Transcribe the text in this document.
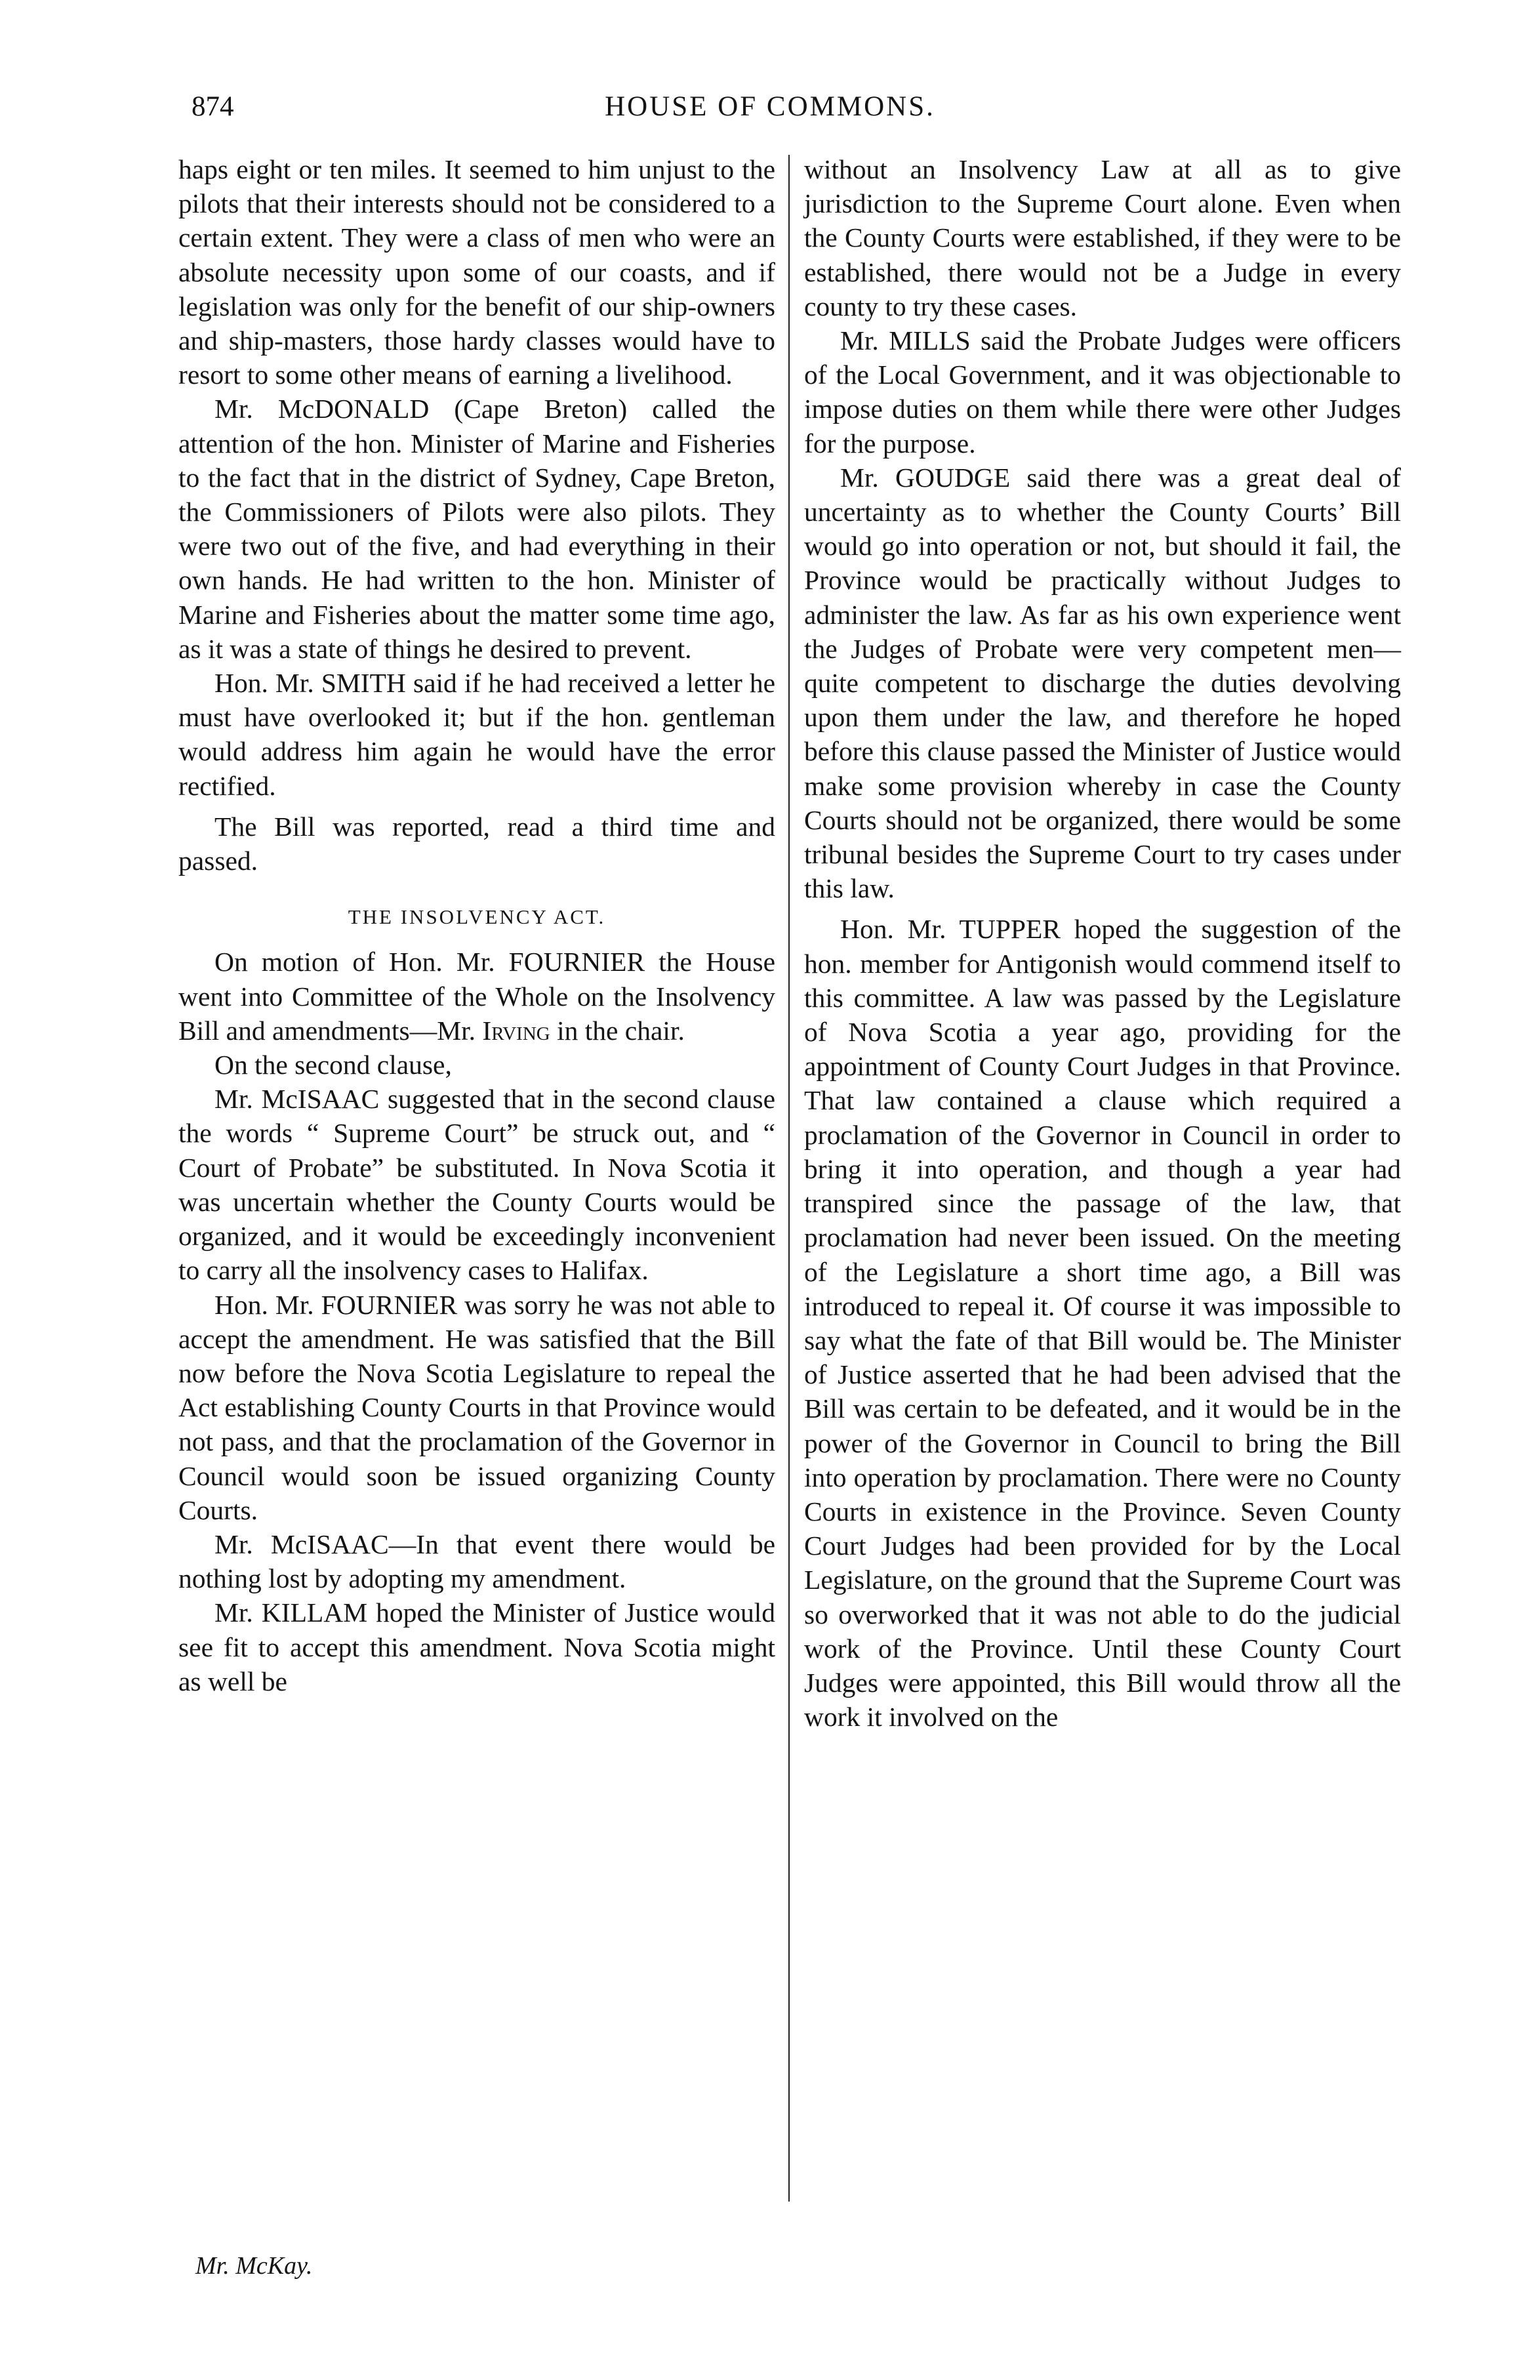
874	HOUSE OF COMMONS.

haps eight or ten miles. It seemed to him unjust to the pilots that their interests should not be considered to a certain extent. They were a class of men who were an absolute necessity upon some of our coasts, and if legislation was only for the benefit of our ship-owners and ship-masters, those hardy classes would have to resort to some other means of earning a livelihood.

Mr. McDONALD (Cape Breton) called the attention of the hon. Minister of Marine and Fisheries to the fact that in the district of Sydney, Cape Breton, the Commissioners of Pilots were also pilots. They were two out of the five, and had everything in their own hands. He had written to the hon. Minister of Marine and Fisheries about the matter some time ago, as it was a state of things he desired to prevent.

Hon. Mr. SMITH said if he had received a letter he must have overlooked it; but if the hon. gentleman would address him again he would have the error rectified.

The Bill was reported, read a third time and passed.

THE INSOLVENCY ACT.

On motion of Hon. Mr. FOURNIER the House went into Committee of the Whole on the Insolvency Bill and amendments—Mr. Irving in the chair.

On the second clause,

Mr. McISAAC suggested that in the second clause the words “ Supreme Court” be struck out, and “ Court of Probate” be substituted. In Nova Scotia it was uncertain whether the County Courts would be organized, and it would be exceedingly inconvenient to carry all the insolvency cases to Halifax.

Hon. Mr. FOURNIER was sorry he was not able to accept the amendment. He was satisfied that the Bill now before the Nova Scotia Legislature to repeal the Act establishing County Courts in that Province would not pass, and that the proclamation of the Governor in Council would soon be issued organizing County Courts.

Mr. McISAAC—In that event there would be nothing lost by adopting my amendment.

Mr. KILLAM hoped the Minister of Justice would see fit to accept this amendment. Nova Scotia might as well be

without an Insolvency Law at all as to give jurisdiction to the Supreme Court alone. Even when the County Courts were established, if they were to be established, there would not be a Judge in every county to try these cases.

Mr. MILLS said the Probate Judges were officers of the Local Government, and it was objectionable to impose duties on them while there were other Judges for the purpose.

Mr. GOUDGE said there was a great deal of uncertainty as to whether the County Courts’ Bill would go into operation or not, but should it fail, the Province would be practically without Judges to administer the law. As far as his own experience went the Judges of Probate were very competent men—quite competent to discharge the duties devolving upon them under the law, and therefore he hoped before this clause passed the Minister of Justice would make some provision whereby in case the County Courts should not be organized, there would be some tribunal besides the Supreme Court to try cases under this law.

Hon. Mr. TUPPER hoped the suggestion of the hon. member for Antigonish would commend itself to this committee. A law was passed by the Legislature of Nova Scotia a year ago, providing for the appointment of County Court Judges in that Province. That law contained a clause which required a proclamation of the Governor in Council in order to bring it into operation, and though a year had transpired since the passage of the law, that proclamation had never been issued. On the meeting of the Legislature a short time ago, a Bill was introduced to repeal it. Of course it was impossible to say what the fate of that Bill would be. The Minister of Justice asserted that he had been advised that the Bill was certain to be defeated, and it would be in the power of the Governor in Council to bring the Bill into operation by proclamation. There were no County Courts in existence in the Province. Seven County Court Judges had been provided for by the Local Legislature, on the ground that the Supreme Court was so overworked that it was not able to do the judicial work of the Province. Until these County Court Judges were appointed, this Bill would throw all the work it involved on the

Mr. McKay.
